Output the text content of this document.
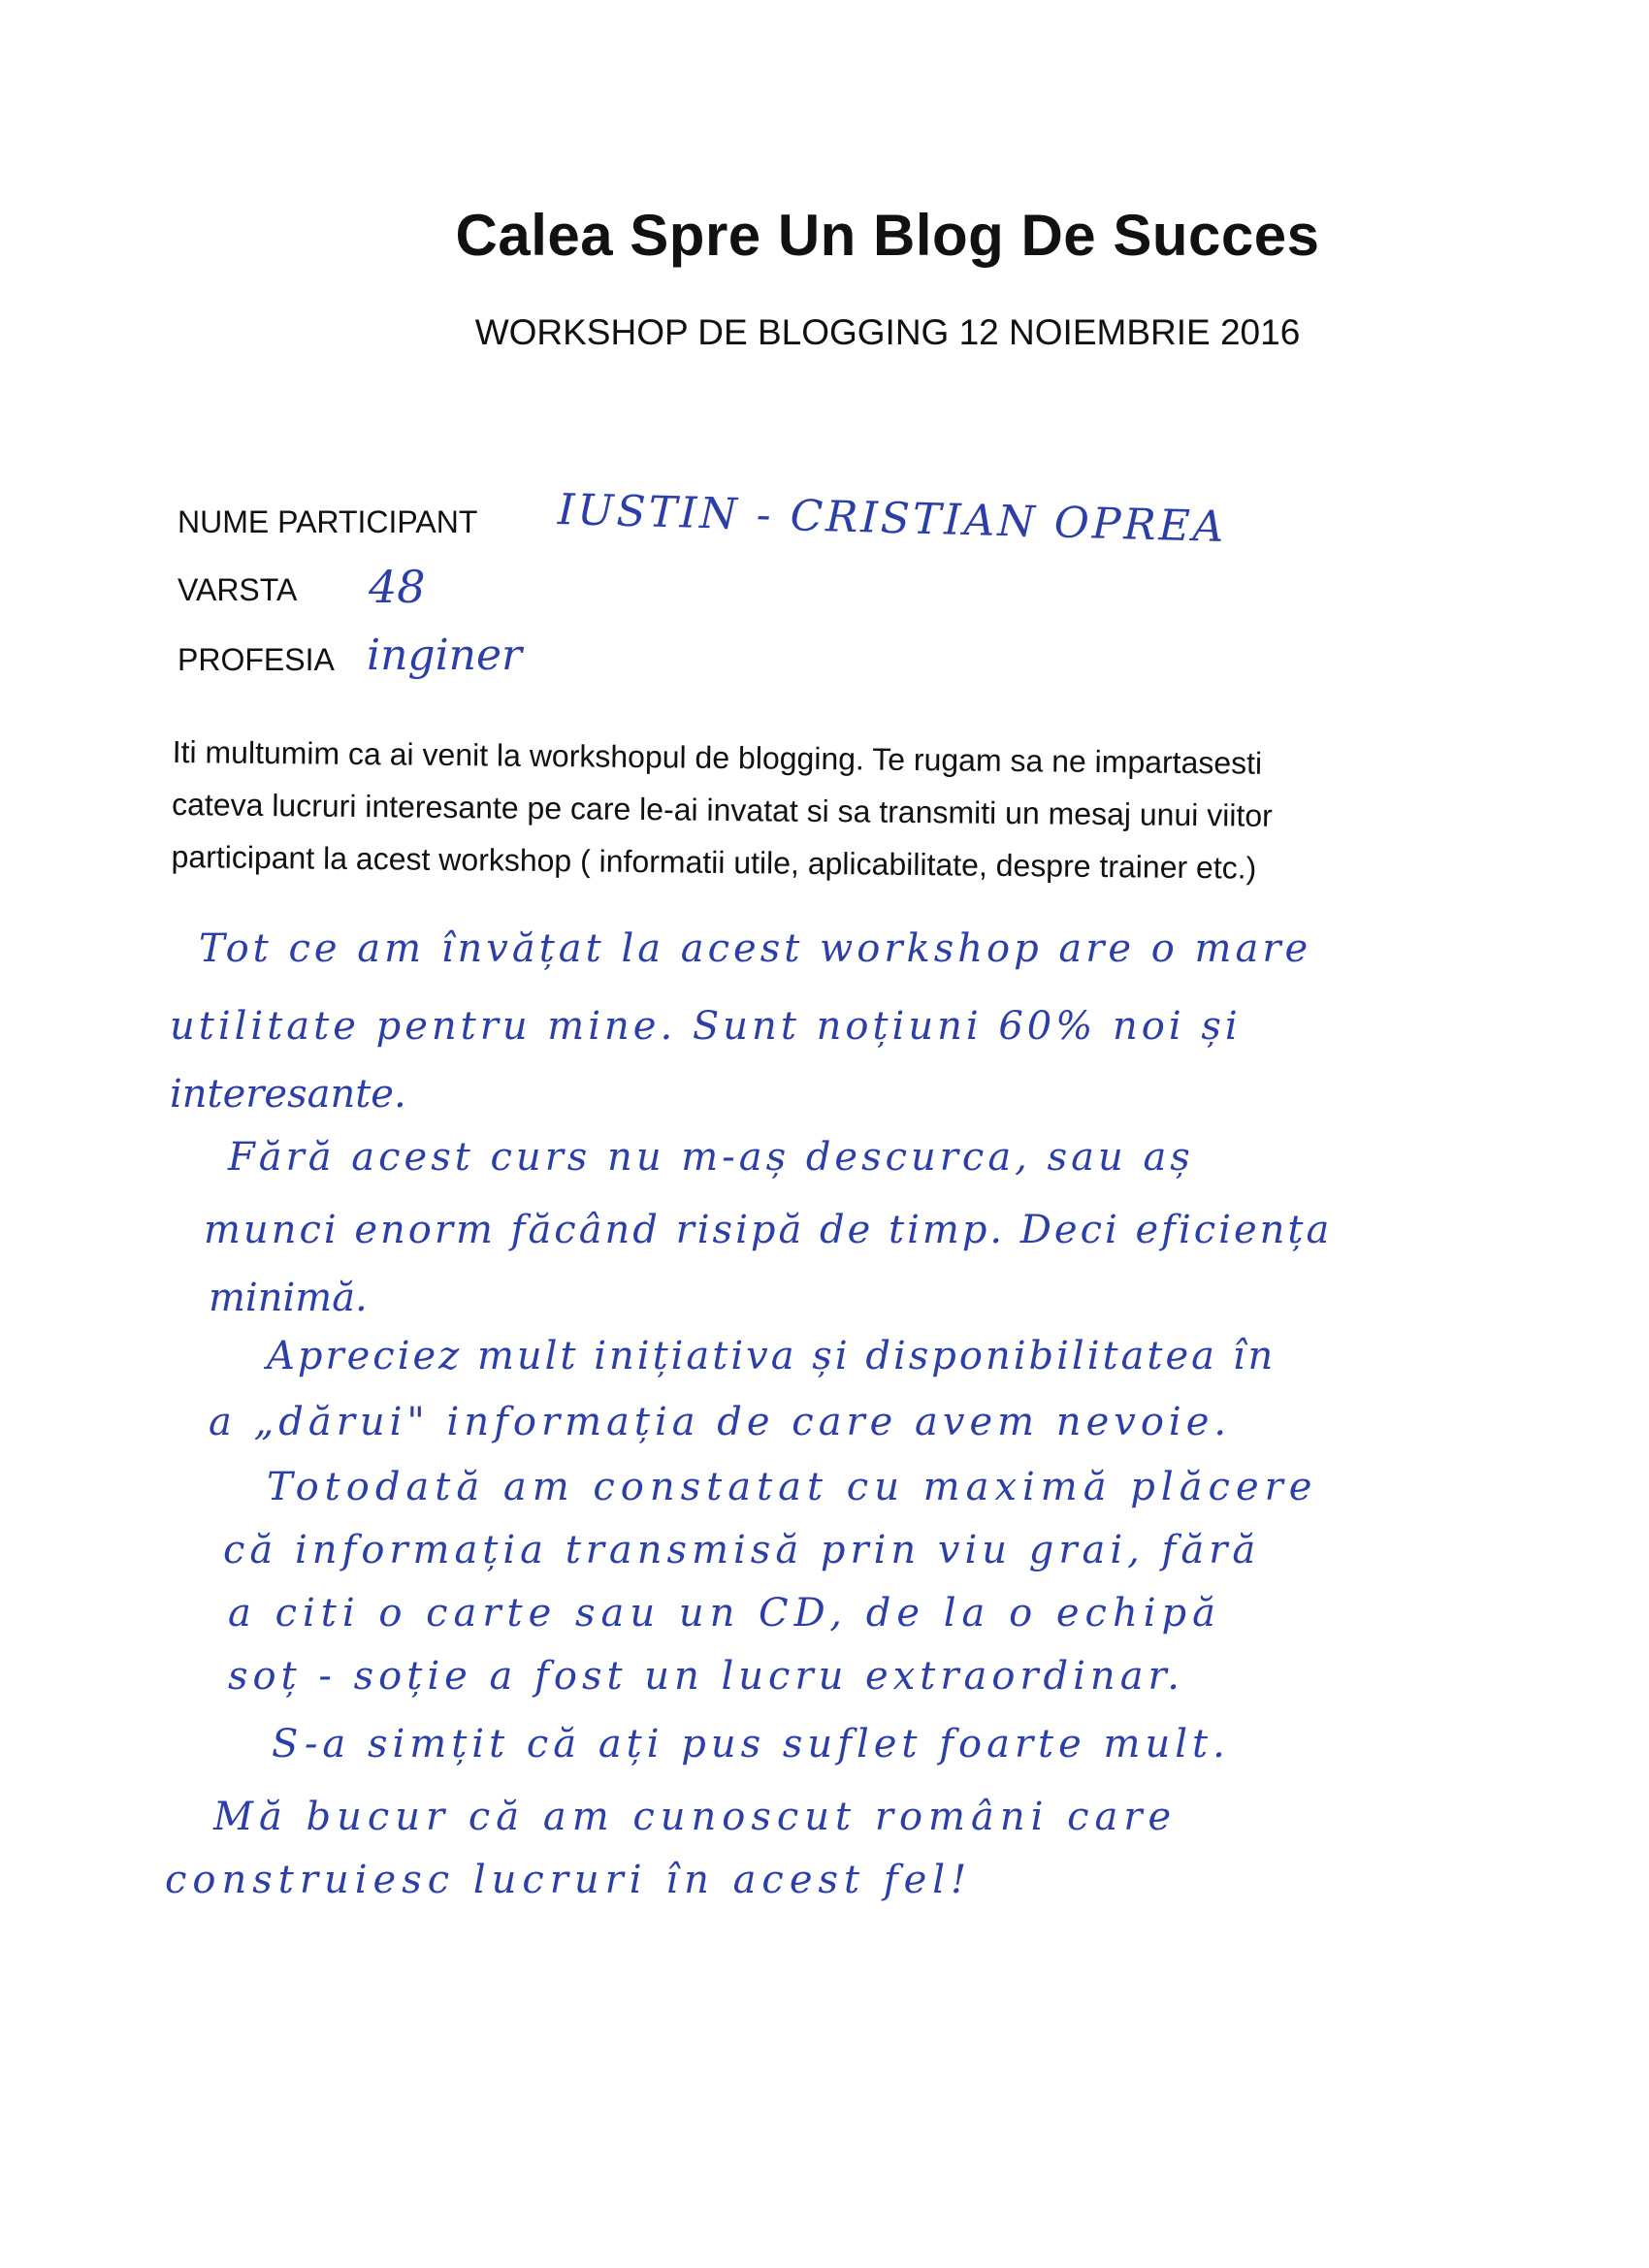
Calea Spre Un Blog De Succes
WORKSHOP DE BLOGGING 12 NOIEMBRIE 2016
NUME PARTICIPANT IUSTIN - CRISTIAN OPREA
VARSTA 48
PROFESIA inginer
Iti multumim ca ai venit la workshopul de blogging. Te rugam sa ne impartasesti
cateva lucruri interesante pe care le-ai invatat si sa transmiti un mesaj unui viitor
participant la acest workshop ( informatii utile, aplicabilitate, despre trainer etc.)
Tot ce am învățat la acest workshop are o mare
utilitate pentru mine. Sunt noțiuni 60% noi și
interesante.
Fără acest curs nu m-aș descurca, sau aș
munci enorm făcând risipă de timp. Deci eficiența
minimă.
Apreciez mult inițiativa și disponibilitatea în
a „dărui" informația de care avem nevoie.
Totodată am constatat cu maximă plăcere
că informația transmisă prin viu grai, fără
a citi o carte sau un CD, de la o echipă
soț - soție a fost un lucru extraordinar.
S-a simțit că ați pus suflet foarte mult.
Mă bucur că am cunoscut români care
construiesc lucruri în acest fel!
